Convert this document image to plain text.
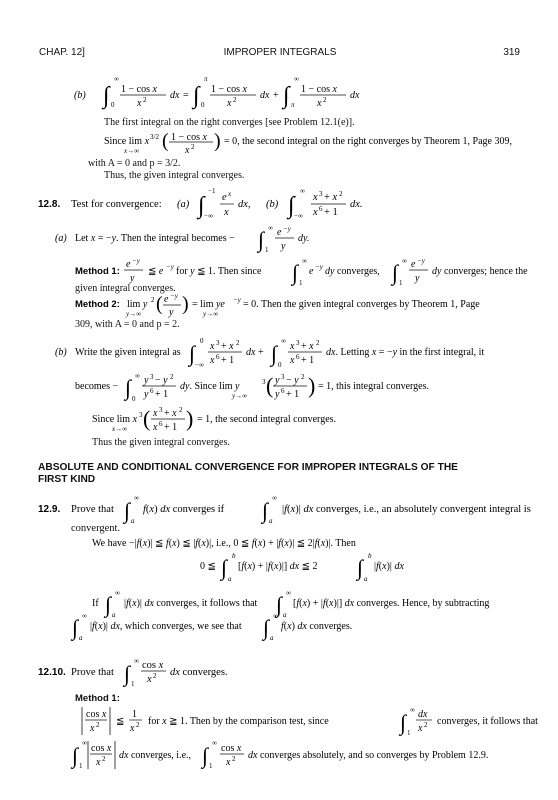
CHAP. 12]	IMPROPER INTEGRALS	319
(b) ∫
∞
0
1 − cos x
x 2 dx = ∫
π
0
1 − cos x
x 2 dx + ∫
∞
π
1 − cos x
x 2 dx
The first integral on the right converges [see Problem 12.1(e)].
Since lim x 3/2
x→∞ ( 1 − cos x
x 2 ) = 0, the second integral on the right converges by Theorem 1, Page 309,
with A = 0 and p = 3/2.
Thus, the given integral converges.
12.8. Test for convergence: (a) ∫
−1
−∞
e x
x
dx, (b) ∫
∞
−∞
x 3 + x 2
x 6 + 1
dx.
(a) Let x = −y. Then the integral becomes − ∫ ∞
1
e −y
y
dy.
Method 1:
e −y
y
≦ e −y for y ≦ 1. Then since ∫ ∞
1
e −y dy converges, ∫ ∞
1
e −y
y
dy converges; hence the
given integral converges.
Method 2: lim y 2
y→∞ ( e −y
y ) = lim ye −y
y→∞
= 0. Then the given integral converges by Theorem 1, Page
309, with A = 0 and p = 2.
(b) Write the given integral as ∫ 0
−∞
x 3 + x 2
x 6 + 1
dx + ∫ ∞
0
x 3 + x 2
x 6 + 1
dx. Letting x = −y in the first integral, it
becomes − ∫ ∞
0
y 3 − y 2
y 6 + 1
dy. Since lim y	3
y→∞ ( y 3 − y 2
y 6 + 1 ) = 1, this integral converges.
Since lim x 3
x→∞ ( x 3 + x 2
x 6 + 1 ) = 1, the second integral converges.
Thus the given integral converges.
ABSOLUTE AND CONDITIONAL CONVERGENCE FOR IMPROPER INTEGRALS OF THE
FIRST KIND
12.9. Prove that ∫ ∞
a
f(x) dx converges if ∫ ∞
a
|f(x)| dx converges, i.e., an absolutely convergent integral is
convergent.
We have −|f(x)| ≦ f(x) ≦ |f(x)|, i.e., 0 ≦ f(x) + |f(x)| ≦ 2|f(x)|. Then
0 ≦ ∫ b
a
[f(x) + |f(x)|] dx ≦ 2 ∫ b
a
|f(x)| dx
If ∫ ∞
a
|f(x)| dx converges, it follows that ∫ ∞
a
[f(x) + |f(x)|] dx converges. Hence, by subtracting
∫ ∞
a
|f(x)| dx, which converges, we see that ∫ ∞
a
f(x) dx converges.
12.10. Prove that ∫ ∞
1
cos x
x 2 dx converges.
Method 1:
cos x
x 2 ≦
1
x 2 for x ≧ 1. Then by the comparison test, since	∫ ∞
1
dx
x 2 converges, it follows that
∫ ∞
1
cos x
x 2 dx converges, i.e., ∫ ∞
1
cos x
x 2 dx converges absolutely, and so converges by Problem 12.9.
